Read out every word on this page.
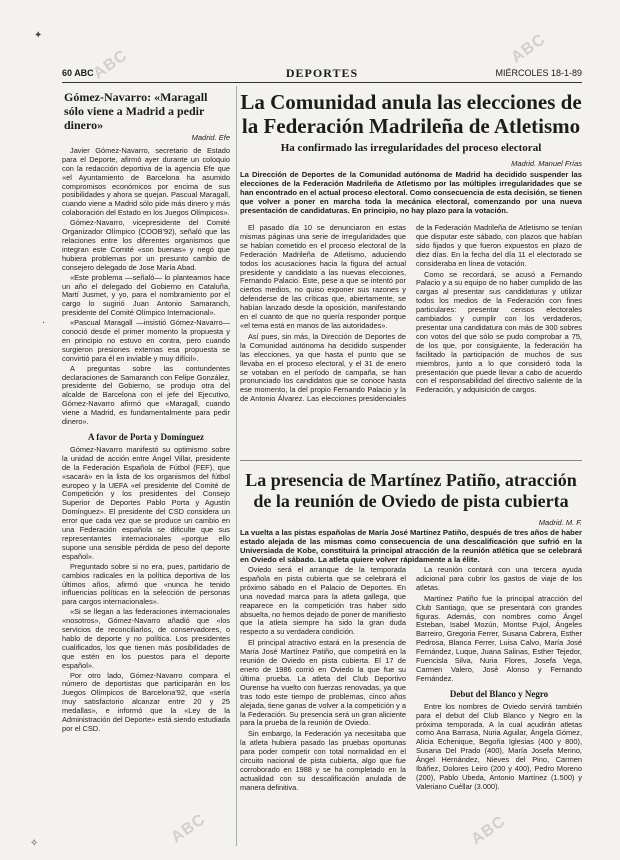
60 ABC	DEPORTES	MIÉRCOLES 18-1-89
Gómez-Navarro: «Maragall sólo viene a Madrid a pedir dinero»
Madrid. Efe

Javier Gómez-Navarro, secretario de Estado para el Deporte, afirmó ayer durante un coloquio con la redacción deportiva de la agencia Efe que «el Ayuntamiento de Barcelona ha asumido compromisos económicos por encima de sus posibilidades y ahora se quejan. Pascual Maragall, cuando viene a Madrid sólo pide más dinero y más colaboración del Estado en los Juegos Olímpicos».

Gómez-Navarro, vicepresidente del Comité Organizador Olímpico (COOB'92), señaló que las relaciones entre los diferentes organismos que integran este Comité «son buenas» y negó que hubiera problemas por un presunto cambio de consejero delegado de Jose María Abad.

«Este problema —señaló— lo planteamos hace un año el delegado del Gobierno en Cataluña, Martí Jusmet, y yo, para el nombramiento por el cargo lo sugirió Juan Antonio Samaranch, presidente del Comité Olímpico Internacional».

«Pascual Maragall —insistió Gómez-Navarro— conoció desde el primer momento la propuesta y en principio no estuvo en contra, pero cuando surgieron presiones externas esa propuesta se convirtió para él en inviable y muy difícil».

A preguntas sobre las contundentes declaraciones de Samaranch con Felipe González, presidente del Gobierno, se produjo otra del alcalde de Barcelona con el jefe del Ejecutivo, Gómez-Navarro afirmó que «Maragall, cuando viene a Madrid, es fundamentalmente para pedir dinero».

A favor de Porta y Domínguez

Gómez-Navarro manifestó su optimismo sobre la unidad de acción entre Ángel Villar, presidente de la Federación Española de Fútbol (FEF), que «sacará» en la lista de los organismos del fútbol europeo y la UEFA «el presidente del Comité de Competición y los presidentes del Consejo Superior de Deportes Pablo Porta y Agustín Domínguez». El presidente del CSD considera un error que cada vez que se produce un cambio en una Federación española se dificulte que sus representantes internacionales «porque ello supone una sensible pérdida de peso del deporte español».

Preguntado sobre si no era, pues, partidario de cambios radicales en la política deportiva de los últimos años, afirmó que «nunca he tenido influencias políticas en la selección de personas para cargos internacionales».

«Si se llegan a las federaciones internacionales «nosotros», Gómez-Navarro añadió que «los servicios de reconciliarlos, de conservadores, o hablo de deporte y no política. Los presidentes cualificados, los que tienen más posibilidades de que estén en los puestos para el deporte español».

Por otro lado, Gómez-Navarro compara el número de deportistas que participarán en los Juegos Olímpicos de Barcelona'92, que «sería muy satisfactorio alcanzar entre 20 y 25 medallas», e informó que la «Ley de la Administración del Deporte» está siendo estudiada por el CSD.

La Comunidad anula las elecciones de la Federación Madrileña de Atletismo
Ha confirmado las irregularidades del proceso electoral
Madrid. Manuel Frías
La Dirección de Deportes de la Comunidad autónoma de Madrid ha decidido suspender las elecciones de la Federación Madrileña de Atletismo por las múltiples irregularidades que se han encontrado en el actual proceso electoral. Como consecuencia de esta decisión, se tienen que volver a poner en marcha toda la mecánica electoral, comenzando por una nueva presentación de candidaturas. En principio, no hay plazo para la votación.

El pasado día 10 se denunciaron en estas mismas páginas una serie de irregularidades que se habían cometido en el proceso electoral de la Federación Madrileña de Atletismo, aduciendo todos los acusaciones hacia la figura del actual presidente y candidato a las nuevas elecciones, Fernando Palacio. Este, pese a que se intentó por ciertos medios, no quiso exponer sus razones y defenderse de las críticas que, abiertamente, se habían lanzado desde la oposición, manifestando en el cuanto de que no quería responder porque «el tema está en manos de las autoridades».

Así pues, sin más, la Dirección de Deportes de la Comunidad autónoma ha decidido suspender las elecciones, ya que hasta el punto que se llevaba en el proceso electoral, y el 31 de enero se votaban en el período de campaña, se han pronunciado los candidatos que se conoce hasta ese momento, la del propio Fernando Palacio y la de Antonio Álvarez. Las elecciones presidenciales de la Federación Madrileña de Atletismo se tenían que disputar este sábado, con plazos que habían sido fijados y que fueron expuestos en plazo de diez días. En la fecha del día 11 el electorado se consideraba en línea de votación.

Como se recordará, se acusó a Fernando Palacio y a su equipo de no haber cumplido de las cargas al presentar sus candidaturas y utilizar todos los medios de la Federación con fines particulares: presentar censos electorales cambiados y cumplir con los verdaderos, presentar una candidatura con más de 300 sobres con votos del que sólo se pudo comprobar a 75, de los que, por consiguiente, la federación ha facilitado la participación de muchos de sus miembros, junto a lo que consideró toda la presentación que puede llevar a cabo de acuerdo con el responsabilidad del directivo saliente de la Federación, y adquisición de cargos.

La presencia de Martínez Patiño, atracción de la reunión de Oviedo de pista cubierta
Madrid. M. F.
La vuelta a las pistas españolas de María José Martínez Patiño, después de tres años de haber estado alejada de las mismas como consecuencia de una descalificación que sufrió en la Universiada de Kobe, constituirá la principal atracción de la reunión atlética que se celebrará en Oviedo el sábado. La atleta quiere volver rápidamente a la élite.

Oviedo será el arranque de la temporada española en pista cubierta que se celebrará el próximo sábado en el Palacio de Deportes. En una novedad marca para la atleta gallega, que reaparece en la competición tras haber sido absuelta, no hemos dejado de poner de manifiesto que la atleta siempre ha sido la gran duda respecto a su verdadera condición.

El principal atractivo estará en la presencia de María José Martínez Patiño, que competirá en la reunión de Oviedo en pista cubierta. El 17 de enero de 1986 corrió en Oviedo la que fue su última prueba. La atleta del Club Deportivo Ourense ha vuelto con fuerzas renovadas, ya que tras todo este tiempo de problemas, cinco años alejada, tiene ganas de volver a la competición y a la Federación. Su presencia será un gran aliciente para la prueba de la reunión de Oviedo.

Sin embargo, la Federación ya necesitaba que la atleta hubiera pasado las pruebas oportunas para poder competir con total normalidad en el circuito nacional de pista cubierta, algo que fue corroborado en 1988 y se ha completado en la actualidad con su descalificación anulada de manera definitiva.

La reunión contará con una tercera ayuda adicional para cubrir los gastos de viaje de los atletas.

Martínez Patiño fue la principal atracción del Club Santiago, que se presentará con grandes figuras. Además, con nombres como Ángel Esteban, Isabel Mozún, Montse Pujol, Ángeles Barreiro, Gregoria Ferrer, Susana Cabrera, Esther Pedrosa, Blanca Ferrer, Luisa Calvo, María José Fernández, Luque, Juana Salinas, Esther Tejedor, Fuencisla Silva, Nuria Flores, Josefa Vega, Carmen Valero, José Alonso y Fernando Fernández.

Debut del Blanco y Negro

Entre los nombres de Oviedo servirá también para el debut del Club Blanco y Negro en la próxima temporada. A la cual acudirán atletas como Ana Barrasa, Nuria Aguilar, Ángela Gómez, Alicia Echenique, Begoña Iglesias (400 y 800), Susana Del Prado (400), María Josefa Merino, Ángel Hernández, Nieves del Pino, Carmen Ibáñez, Dolores Leiro (200 y 400), Pedro Moreno (200), Pablo Ubeda, Antonio Martínez (1.500) y Valeriano Cuéllar (3.000).

ABC	ABC
ABC	ABC
✦
·
✧
